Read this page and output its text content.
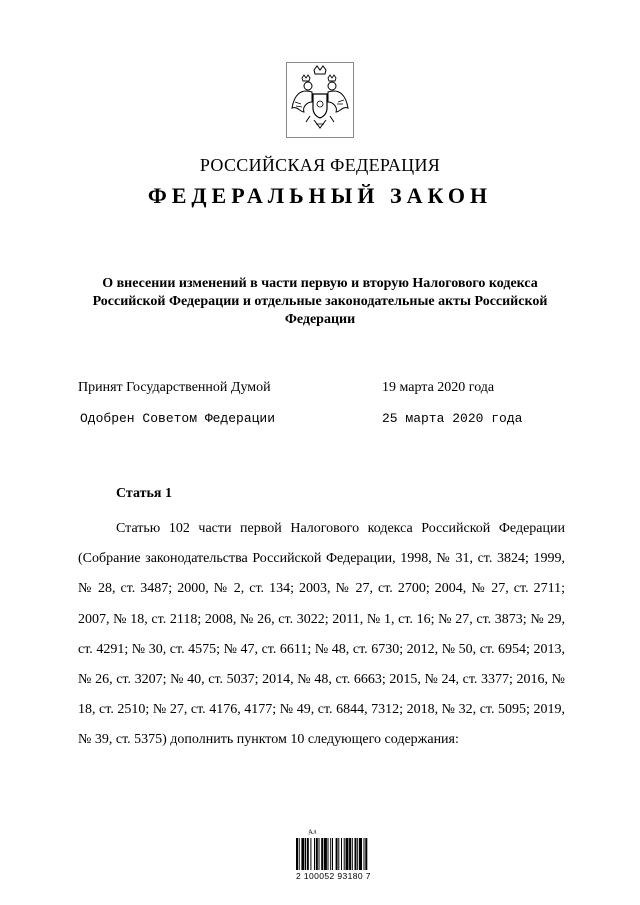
РОССИЙСКАЯ ФЕДЕРАЦИЯ
ФЕДЕРАЛЬНЫЙ ЗАКОН
О внесении изменений в части первую и вторую Налогового кодекса Российской Федерации и отдельные законодательные акты Российской Федерации
Принят Государственной Думой	19 марта 2020 года
Одобрен Советом Федерации	25 марта 2020 года
Статья 1

Статью 102 части первой Налогового кодекса Российской Федерации (Собрание законодательства Российской Федерации, 1998, № 31, ст. 3824; 1999, № 28, ст. 3487; 2000, № 2, ст. 134; 2003, № 27, ст. 2700; 2004, № 27, ст. 2711; 2007, № 18, ст. 2118; 2008, № 26, ст. 3022; 2011, № 1, ст. 16; № 27, ст. 3873; № 29, ст. 4291; № 30, ст. 4575; № 47, ст. 6611; № 48, ст. 6730; 2012, № 50, ст. 6954; 2013, № 26, ст. 3207; № 40, ст. 5037; 2014, № 48, ст. 6663; 2015, № 24, ст. 3377; 2016, № 18, ст. 2510; № 27, ст. 4176, 4177; № 49, ст. 6844, 7312; 2018, № 32, ст. 5095; 2019, № 39, ст. 5375) дополнить пунктом 10 следующего содержания:

Ал
2 100052 93180 7
